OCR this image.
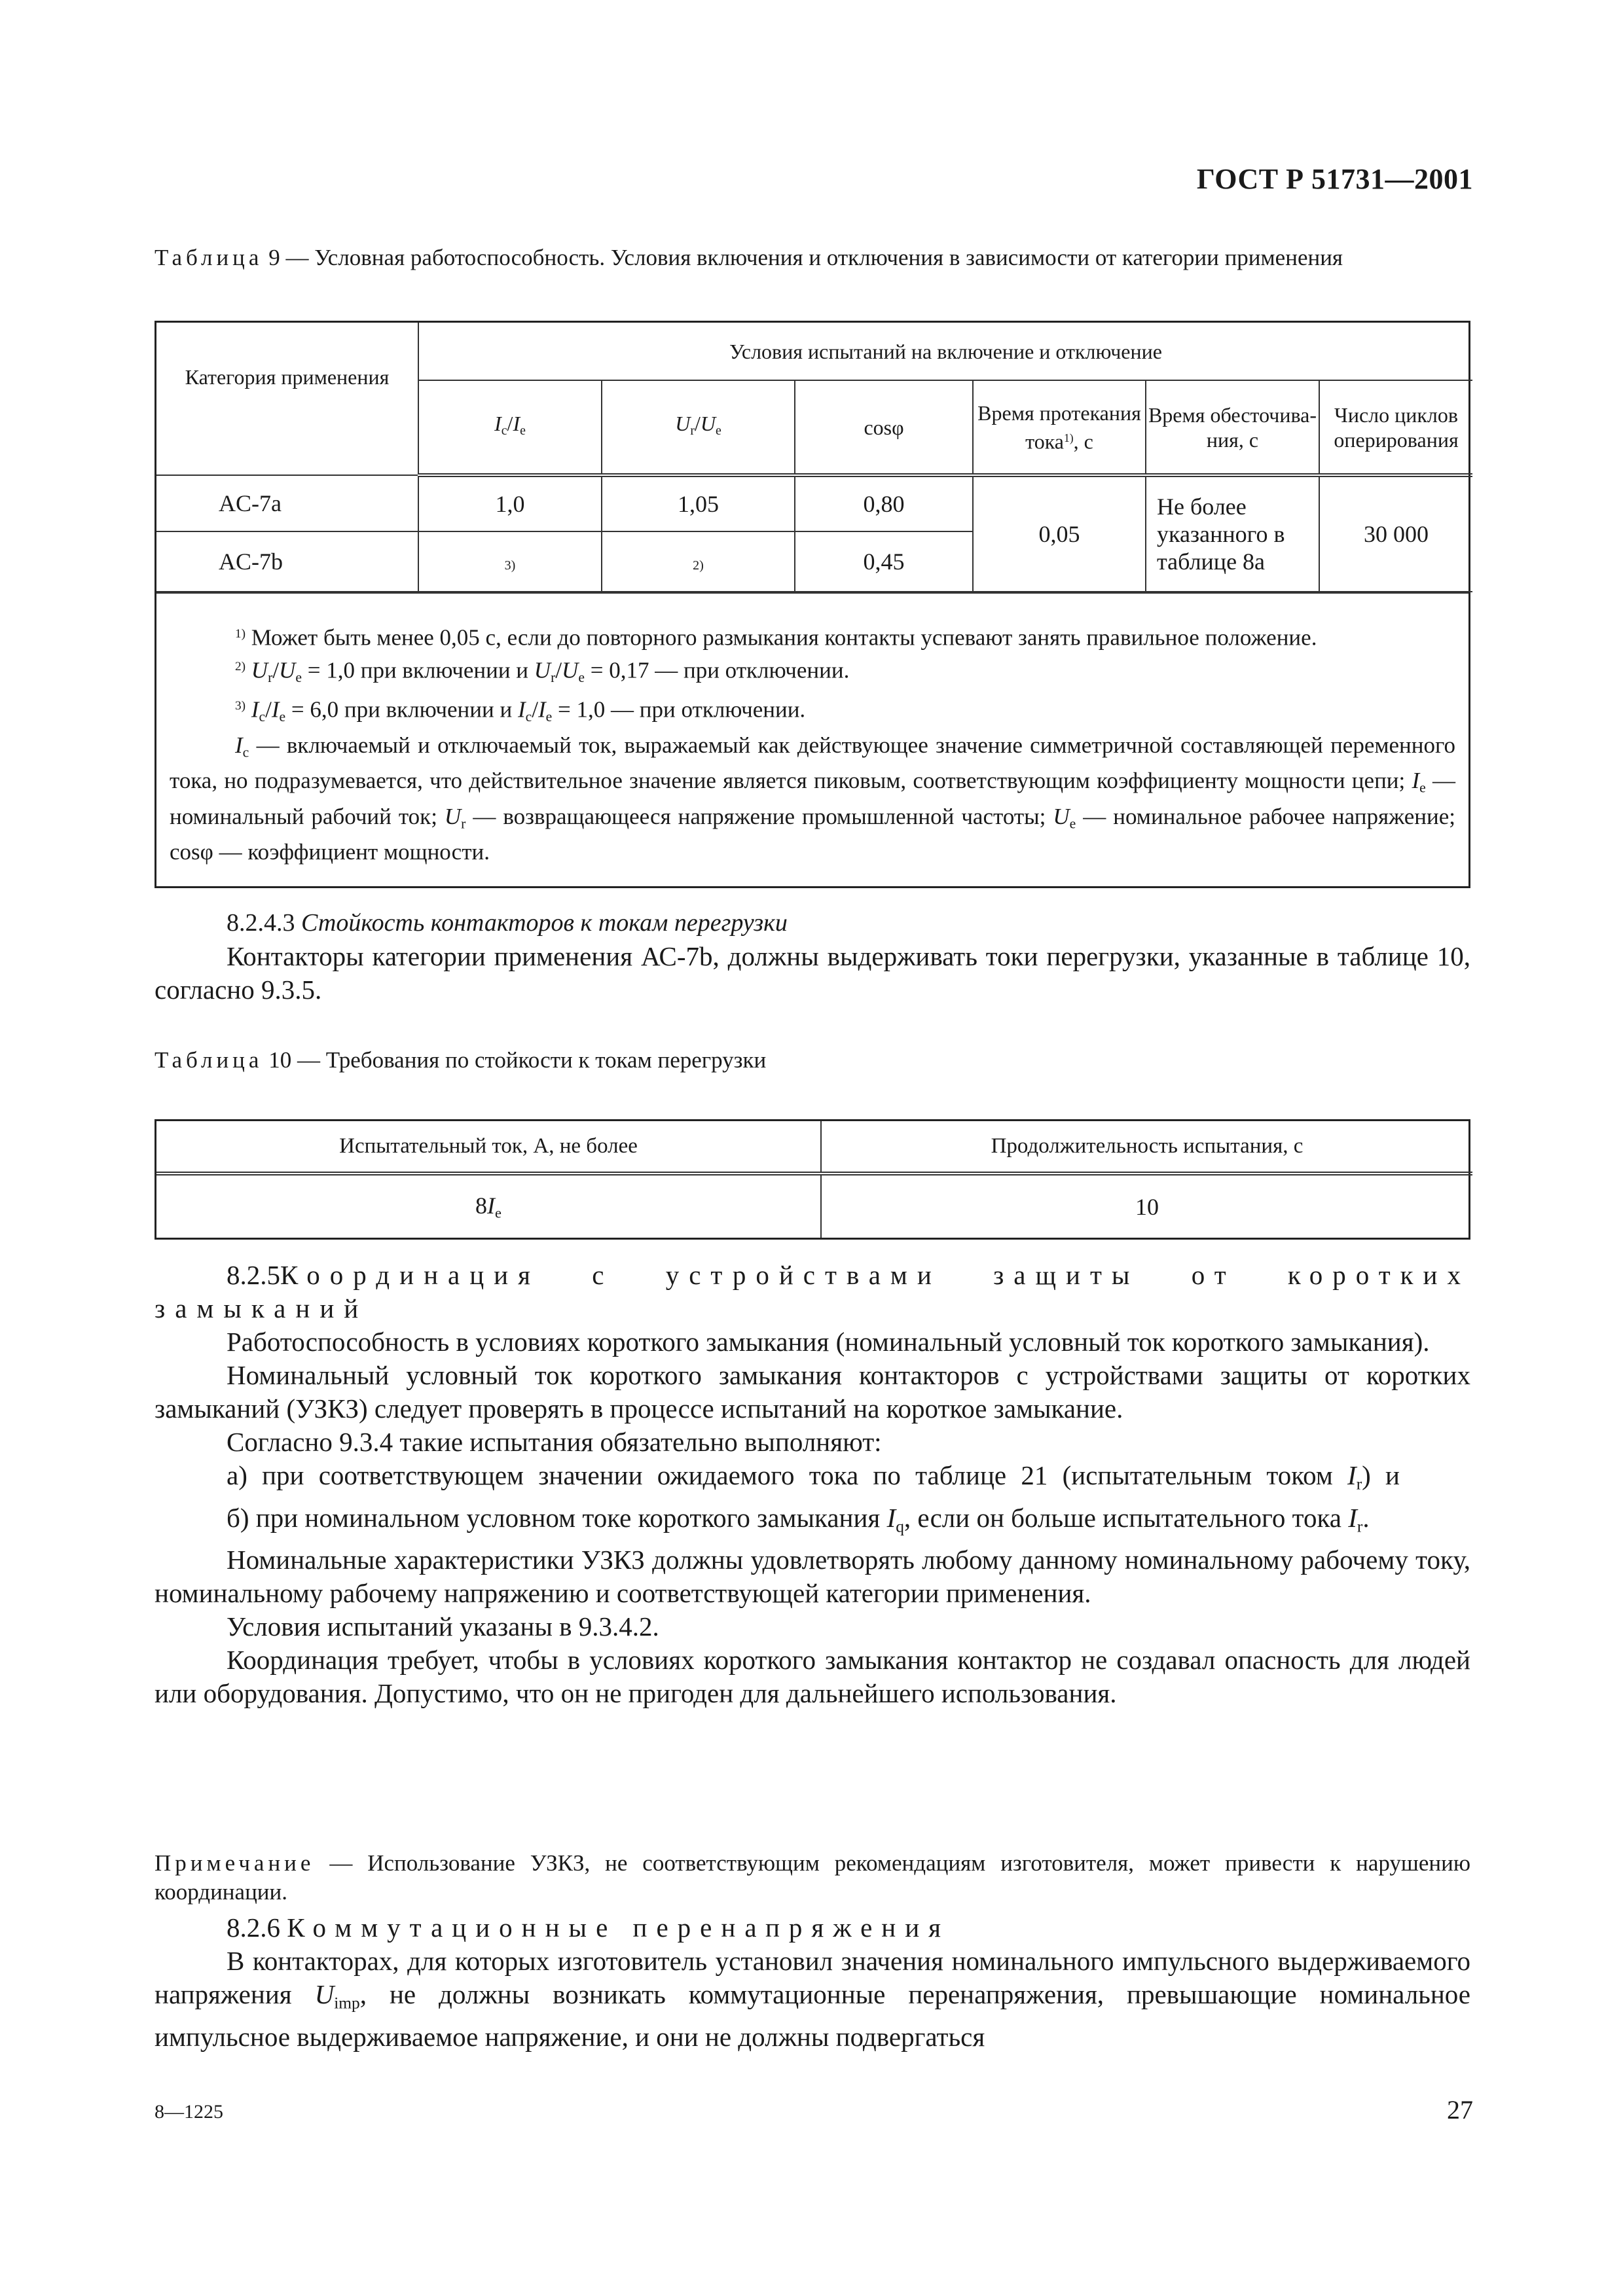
ГОСТ Р 51731—2001
Таблица 9 — Условная работоспособность. Условия включения и отключения в зависимости от категории применения
Категория применения	Условия испытаний на включение и отключение					
	$I_c/I_e$	$U_r/U_e$	cosφ	Время протекания тока$^{1)}$, с	Время обесточива-ния, с	Число циклов оперирования
AC-7a	1,0	1,05	0,80	0,05	Не более указанного в таблице 8а	30 000
AC-7b	3)	2)	0,45			

$^{1)}$ Может быть менее 0,05 с, если до повторного размыкания контакты успевают занять правильное положение.

$^{2)}$ $U_r/U_e = 1,0$ при включении и $U_r/U_e = 0,17$ — при отключении.

$^{3)}$ $I_c/I_e = 6,0$ при включении и $I_c/I_e = 1,0$ — при отключении.

$I_c$ — включаемый и отключаемый ток, выражаемый как действующее значение симметричной составляющей переменного тока, но подразумевается, что действительное значение является пиковым, соответствующим коэффициенту мощности цепи; $I_e$ — номинальный рабочий ток; $U_r$ — возвращающееся напряжение промышленной частоты; $U_e$ — номинальное рабочее напряжение; cosφ — коэффициент мощности.

8.2.4.3 Стойкость контакторов к токам перегрузки

Контакторы категории применения АС-7b, должны выдерживать токи перегрузки, указанные в таблице 10, согласно 9.3.5.

Таблица 10 — Требования по стойкости к токам перегрузки
Испытательный ток, А, не более	Продолжительность испытания, с
$8I_e$	10

8.2.5Координация с устройствами защиты от коротких замыканий

Работоспособность в условиях короткого замыкания (номинальный условный ток короткого замыкания).

Номинальный условный ток короткого замыкания контакторов с устройствами защиты от коротких замыканий (УЗКЗ) следует проверять в процессе испытаний на короткое замыкание.

Согласно 9.3.4 такие испытания обязательно выполняют:

а) при соответствующем значении ожидаемого тока по таблице 21 (испытательным током $I_r$) и

б) при номинальном условном токе короткого замыкания $I_q$, если он больше испытательного тока $I_r$.

Номинальные характеристики УЗКЗ должны удовлетворять любому данному номинальному рабочему току, номинальному рабочему напряжению и соответствующей категории применения.

Условия испытаний указаны в 9.3.4.2.

Координация требует, чтобы в условиях короткого замыкания контактор не создавал опасность для людей или оборудования. Допустимо, что он не пригоден для дальнейшего использования.

Примечание — Использование УЗКЗ, не соответствующим рекомендациям изготовителя, может привести к нарушению координации.

8.2.6 Коммутационные перенапряжения

В контакторах, для которых изготовитель установил значения номинального импульсного выдерживаемого напряжения $U_{imp}$, не должны возникать коммутационные перенапряжения, превышающие номинальное импульсное выдерживаемое напряжение, и они не должны подвергаться

8—1225	27
